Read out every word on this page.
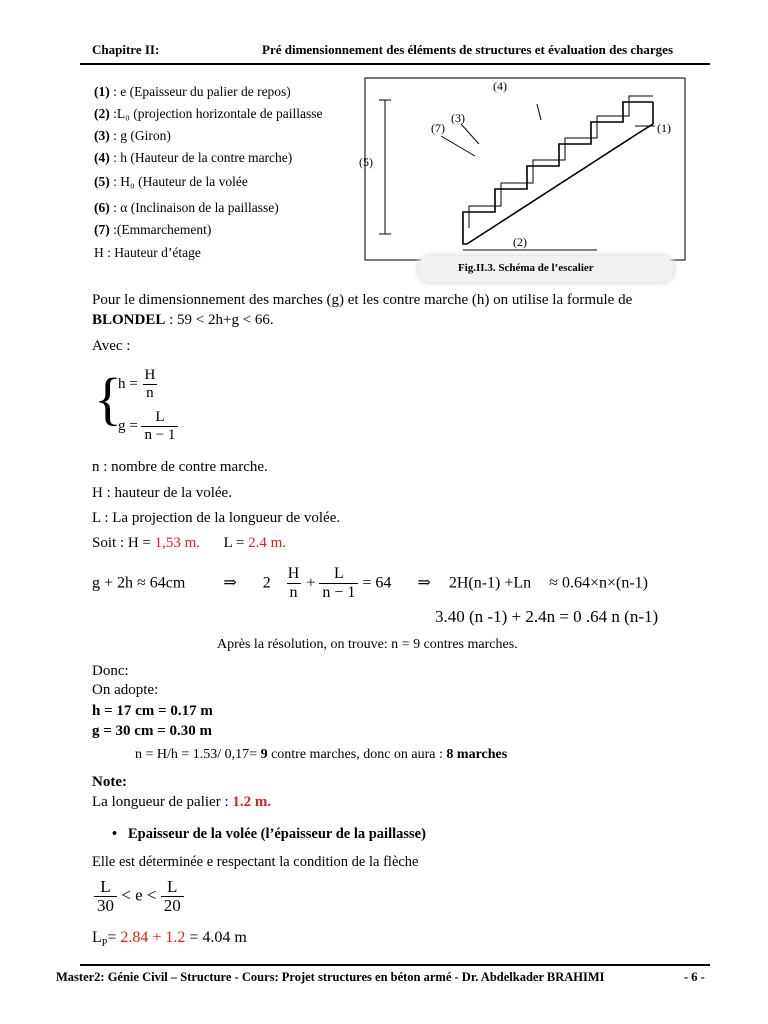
Chapitre II:	Pré dimensionnement des éléments de structures et évaluation des charges
(1) : e (Epaisseur du palier de repos)
(2) :L₀ (projection horizontale de paillasse
(3) : g (Giron)
(4) : h (Hauteur de la contre marche)
(5) : H₀ (Hauteur de la volée
(6) : α (Inclinaison de la paillasse)
(7) :(Emmarchement)
H : Hauteur d’étage
(5)
(4)
(3)
(7)	(1)
(2)
Fig.II.3. Schéma de l’escalier
Pour le dimensionnement des marches (g) et les contre marche (h) on utilise la formule de
BLONDEL : 59 < 2h+g < 66.
Avec :
{
$h = \frac{H}{n}$
$g = \frac{L}{n - 1}$
n : nombre de contre marche.
H : hauteur de la volée.
L : La projection de la longueur de volée.
Soit : H = 1,53 m. L = 2.4 m.
g + 2h ≈ 64cm ⇒ $2 \frac{H}{n} + \frac{L}{n - 1} = 64$ ⇒ 2H(n-1) +Ln ≈ 0.64×n×(n-1)
3.40 (n -1) + 2.4n = 0 .64 n (n-1)
Après la résolution, on trouve: n = 9 contres marches.
Donc:
On adopte:
h = 17 cm = 0.17 m
g = 30 cm = 0.30 m
n = H/h = 1.53/ 0,17= 9 contre marches, donc on aura : 8 marches
Note:
La longueur de palier : 1.2 m.
• Epaisseur de la volée (l’épaisseur de la paillasse)
Elle est déterminée e respectant la condition de la flèche
$\frac{L}{30} < e < \frac{L}{20}$
$L_P= 2.84 + 1.2 = 4.04$ m
Master2: Génie Civil – Structure - Cours: Projet structures en béton armé - Dr. Abdelkader BRAHIMI	- 6 -
